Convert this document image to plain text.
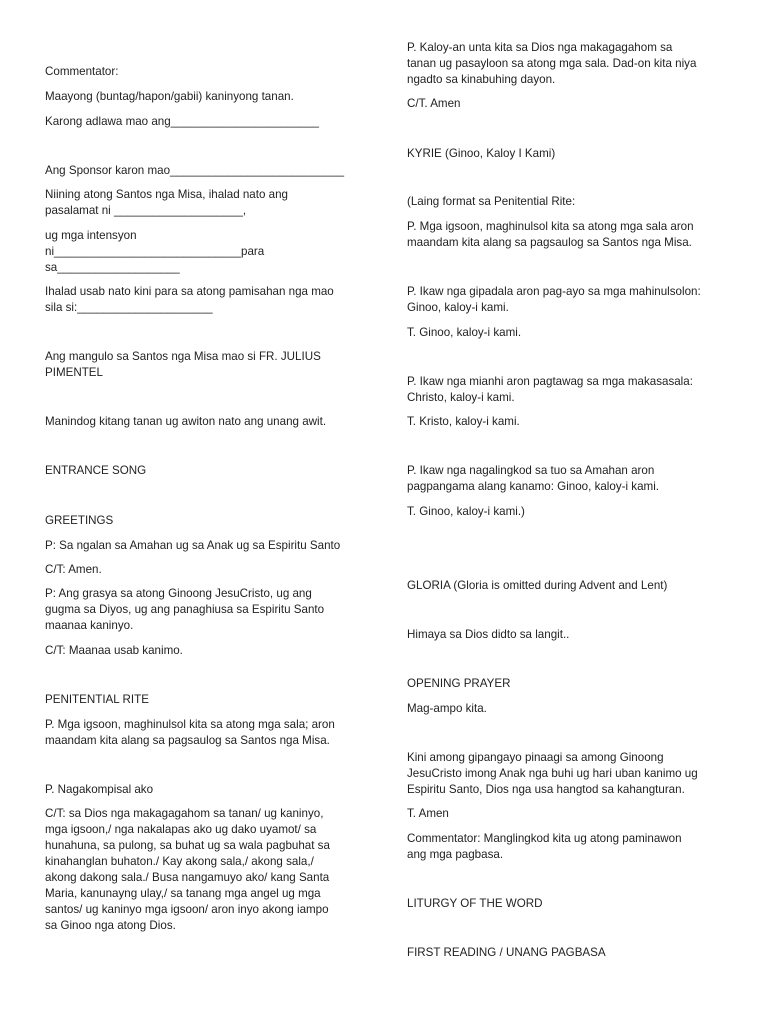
Commentator:
Maayong (buntag/hapon/gabii) kaninyong tanan.
Karong adlawa mao ang_______________________
Ang Sponsor karon mao___________________________
Niining atong Santos nga Misa, ihalad nato ang
pasalamat ni ____________________,
ug mga intensyon
ni_____________________________para
sa___________________
Ihalad usab nato kini para sa atong pamisahan nga mao
sila si:_____________________
Ang mangulo sa Santos nga Misa mao si FR. JULIUS
PIMENTEL
Manindog kitang tanan ug awiton nato ang unang awit.
ENTRANCE SONG
GREETINGS
P: Sa ngalan sa Amahan ug sa Anak ug sa Espiritu Santo
C/T: Amen.
P: Ang grasya sa atong Ginoong JesuCristo, ug ang
gugma sa Diyos, ug ang panaghiusa sa Espiritu Santo
maanaa kaninyo.
C/T: Maanaa usab kanimo.
PENITENTIAL RITE
P. Mga igsoon, maghinulsol kita sa atong mga sala; aron
maandam kita alang sa pagsaulog sa Santos nga Misa.
P. Nagakompisal ako
C/T: sa Dios nga makagagahom sa tanan/ ug kaninyo,
mga igsoon,/ nga nakalapas ako ug dako uyamot/ sa
hunahuna, sa pulong, sa buhat ug sa wala pagbuhat sa
kinahanglan buhaton./ Kay akong sala,/ akong sala,/
akong dakong sala./ Busa nangamuyo ako/ kang Santa
Maria, kanunayng ulay,/ sa tanang mga angel ug mga
santos/ ug kaninyo mga igsoon/ aron inyo akong iampo
sa Ginoo nga atong Dios.
P. Kaloy-an unta kita sa Dios nga makagagahom sa
tanan ug pasayloon sa atong mga sala. Dad-on kita niya
ngadto sa kinabuhing dayon.
C/T. Amen
KYRIE (Ginoo, Kaloy I Kami)
(Laing format sa Penitential Rite:
P. Mga igsoon, maghinulsol kita sa atong mga sala aron
maandam kita alang sa pagsaulog sa Santos nga Misa.
P. Ikaw nga gipadala aron pag-ayo sa mga mahinulsolon:
Ginoo, kaloy-i kami.
T. Ginoo, kaloy-i kami.
P. Ikaw nga mianhi aron pagtawag sa mga makasasala:
Christo, kaloy-i kami.
T. Kristo, kaloy-i kami.
P. Ikaw nga nagalingkod sa tuo sa Amahan aron
pagpangama alang kanamo: Ginoo, kaloy-i kami.
T. Ginoo, kaloy-i kami.)
GLORIA (Gloria is omitted during Advent and Lent)
Himaya sa Dios didto sa langit..
OPENING PRAYER
Mag-ampo kita.
Kini among gipangayo pinaagi sa among Ginoong
JesuCristo imong Anak nga buhi ug hari uban kanimo ug
Espiritu Santo, Dios nga usa hangtod sa kahangturan.
T. Amen
Commentator: Manglingkod kita ug atong paminawon
ang mga pagbasa.
LITURGY OF THE WORD
FIRST READING / UNANG PAGBASA
